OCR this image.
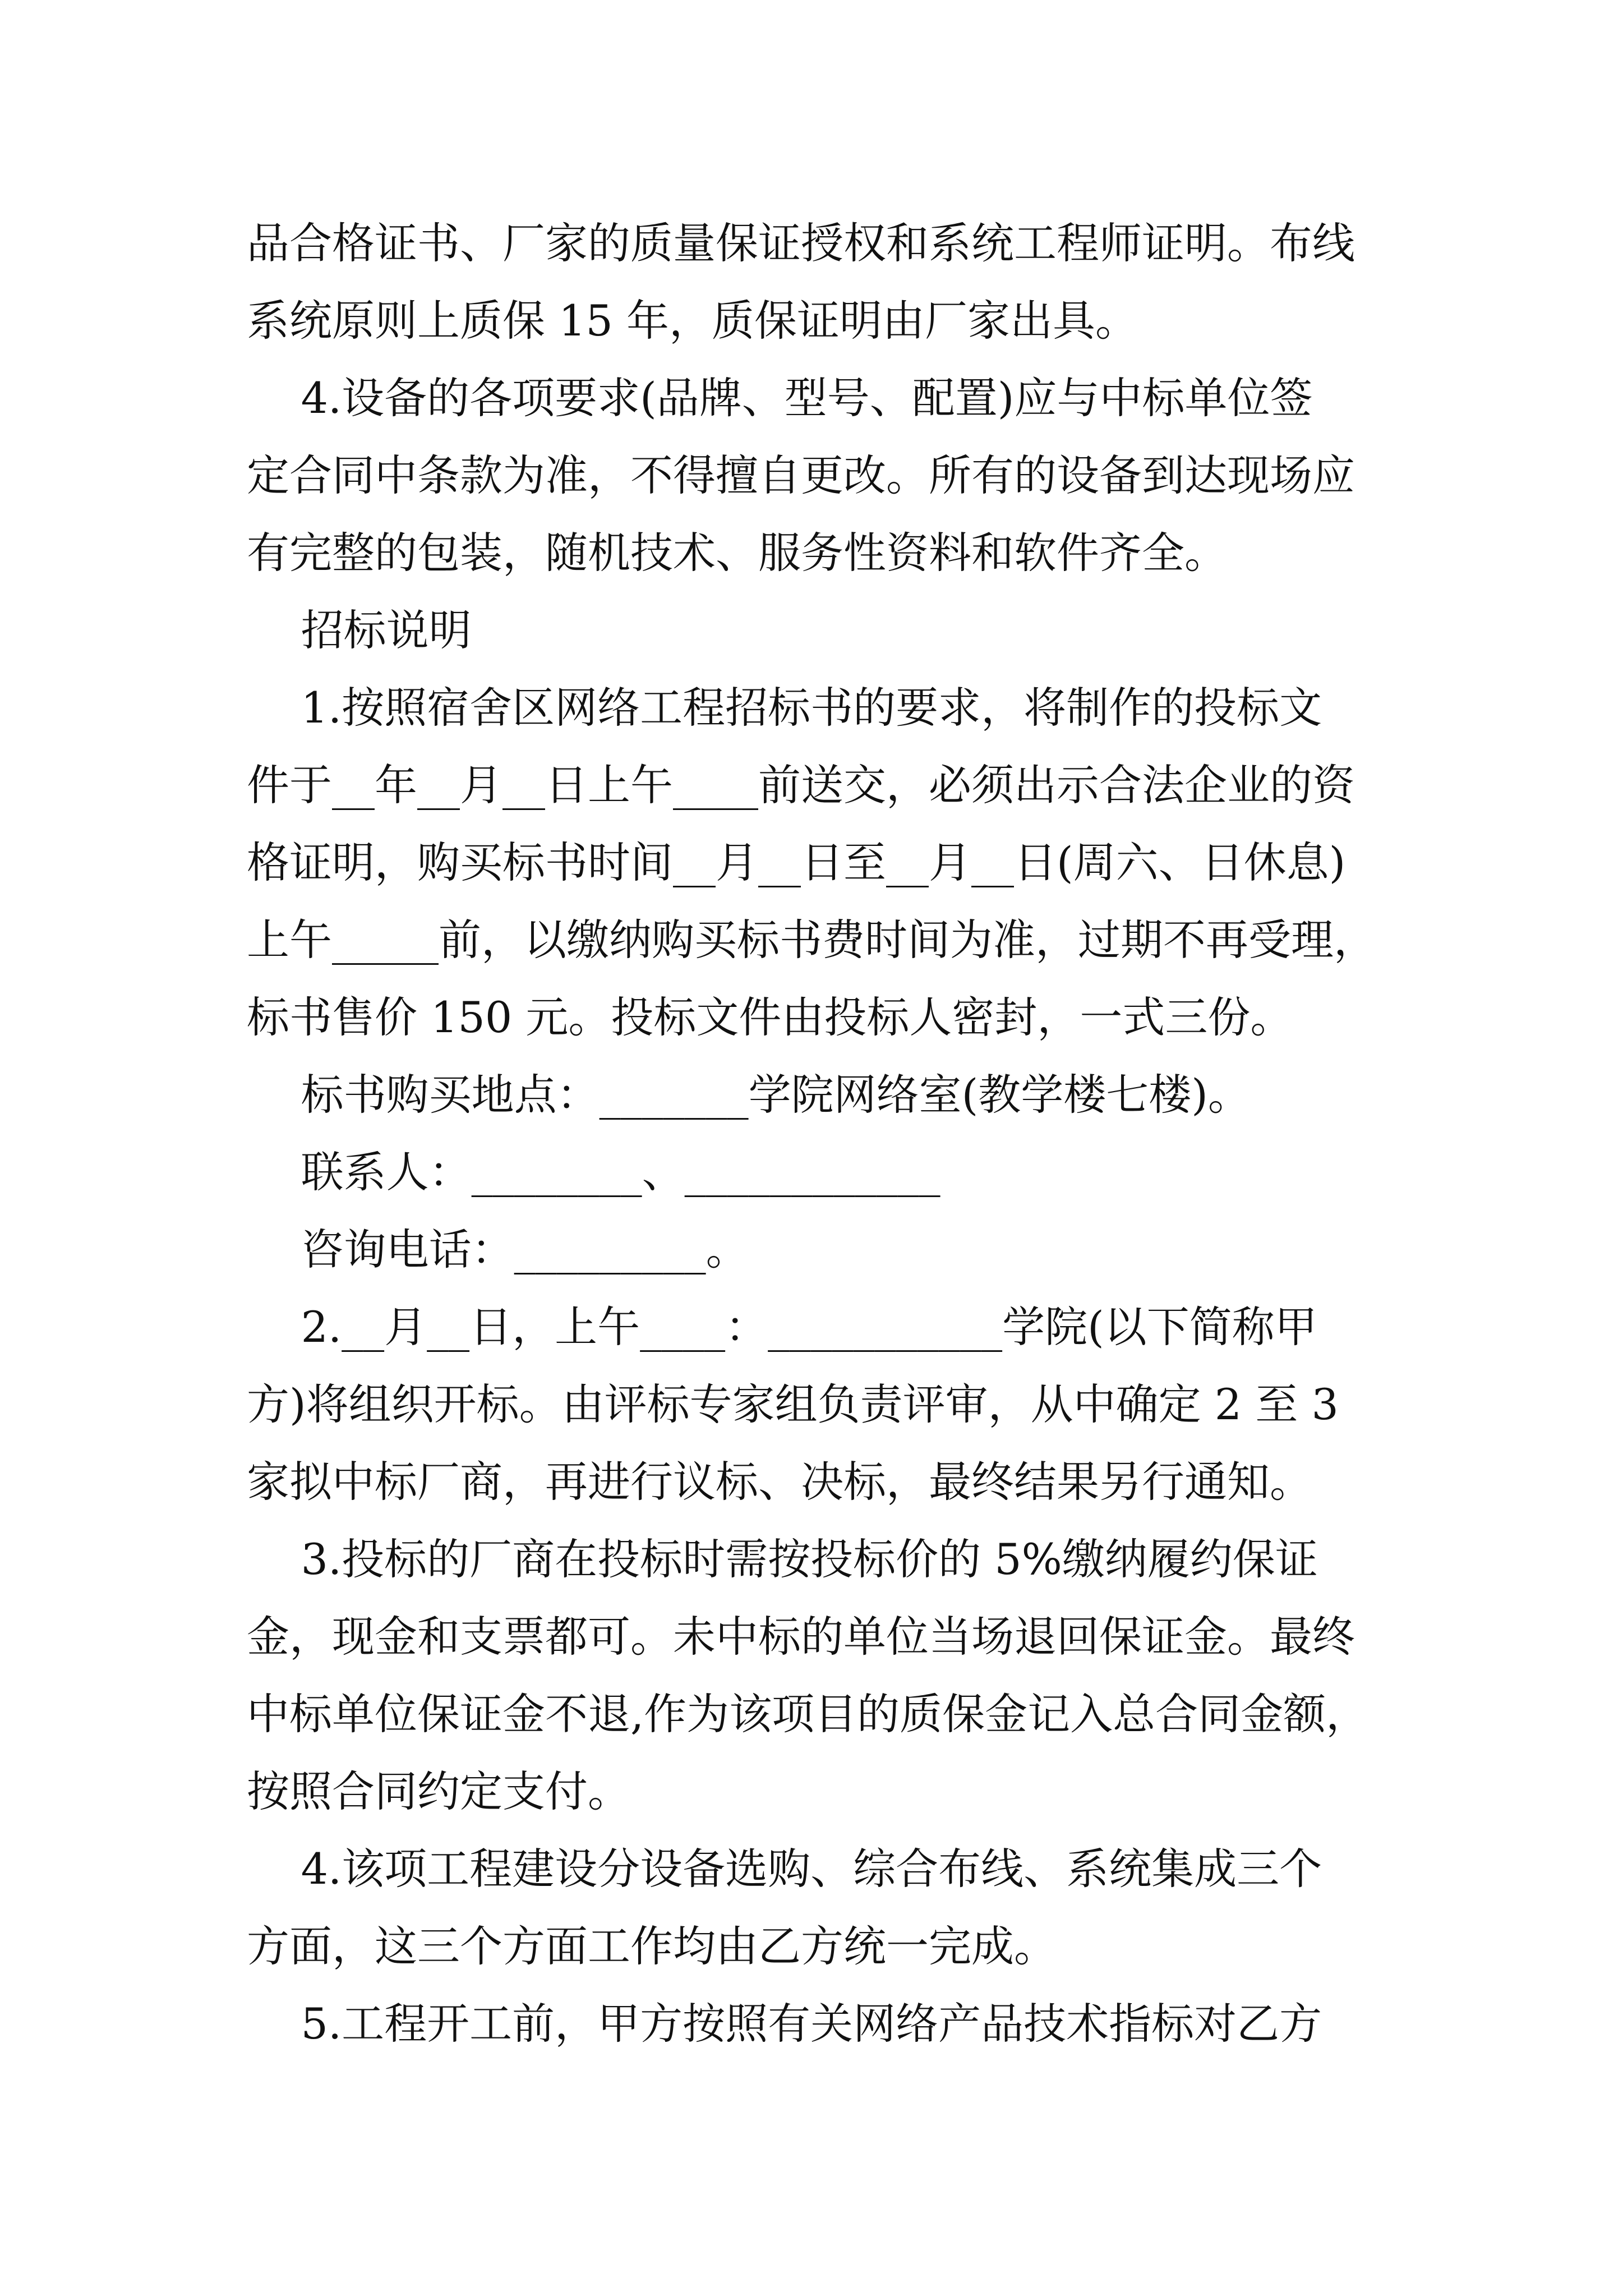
品合格证书、厂家的质量保证授权和系统工程师证明。布线
系统原则上质保 15 年，质保证明由厂家出具。
4.设备的各项要求(品牌、型号、配置)应与中标单位签
定合同中条款为准，不得擅自更改。所有的设备到达现场应
有完整的包装，随机技术、服务性资料和软件齐全。
招标说明
1.按照宿舍区网络工程招标书的要求，将制作的投标文
件于__年__月__日上午____前送交，必须出示合法企业的资
格证明，购买标书时间__月__日至__月__日(周六、日休息)
上午_____前，以缴纳购买标书费时间为准，过期不再受理，
标书售价 150 元。投标文件由投标人密封，一式三份。
标书购买地点：_______学院网络室(教学楼七楼)。
联系人：________、____________
咨询电话：_________。
2.__月__日，上午____：___________学院(以下简称甲
方)将组织开标。由评标专家组负责评审，从中确定 2 至 3
家拟中标厂商，再进行议标、决标，最终结果另行通知。
3.投标的厂商在投标时需按投标价的 5%缴纳履约保证
金，现金和支票都可。未中标的单位当场退回保证金。最终
中标单位保证金不退,作为该项目的质保金记入总合同金额，
按照合同约定支付。
4.该项工程建设分设备选购、综合布线、系统集成三个
方面，这三个方面工作均由乙方统一完成。
5.工程开工前，甲方按照有关网络产品技术指标对乙方
